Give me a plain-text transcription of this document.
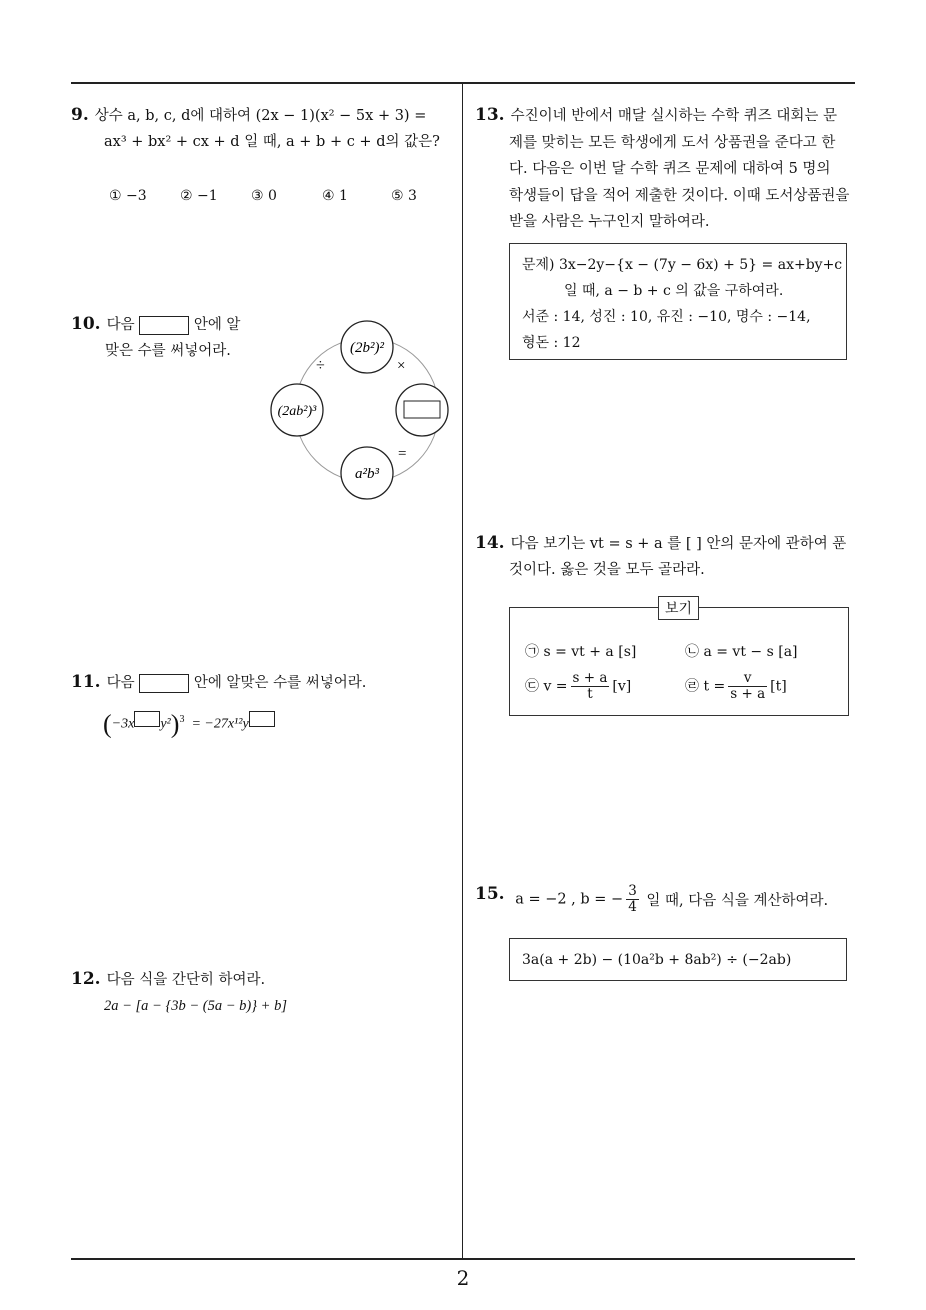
9. 상수 a, b, c, d에 대하여 (2x − 1)(x² − 5x + 3) =
ax³ + bx² + cx + d 일 때, a + b + c + d의 값은?
① −3 ② −1 ③ 0	④ 1	⑤ 3
10. 다음	안에 알
맞은 수를 써넣어라.	(2b²)²
(2ab²)³
a²b³
÷	×
=
11. 다음	안에 알맞은 수를 써넣어라.
(−3x y²)$^3$ = −27x¹²y
12. 다음 식을 간단히 하여라.
2a − [a − {3b − (5a − b)} + b]
13. 수진이네 반에서 매달 실시하는 수학 퀴즈 대회는 문
제를 맞히는 모든 학생에게 도서 상품권을 준다고 한
다. 다음은 이번 달 수학 퀴즈 문제에 대하여 5 명의
학생들이 답을 적어 제출한 것이다. 이때 도서상품권을
받을 사람은 누구인지 말하여라.
문제) 3x−2y−{x − (7y − 6x) + 5} = ax+by+c
일 때, a − b + c 의 값을 구하여라.
서준 : 14, 성진 : 10, 유진 : −10, 명수 : −14,
형돈 : 12
14. 다음 보기는 vt = s + a 를 [ ] 안의 문자에 관하여 푼
것이다. 옳은 것을 모두 골라라.
보기
㉠ s = vt + a [s]	㉡ a = vt − s [a]
㉢ $v = \frac{s + a}{t} [v]$	㉣ $t = \frac{v}{s + a} [t]$
15. a = −2 , b = − $\frac{3}{4}$ 일 때, 다음 식을 계산하여라.
3a(a + 2b) − (10a²b + 8ab²) ÷ (−2ab)
2
